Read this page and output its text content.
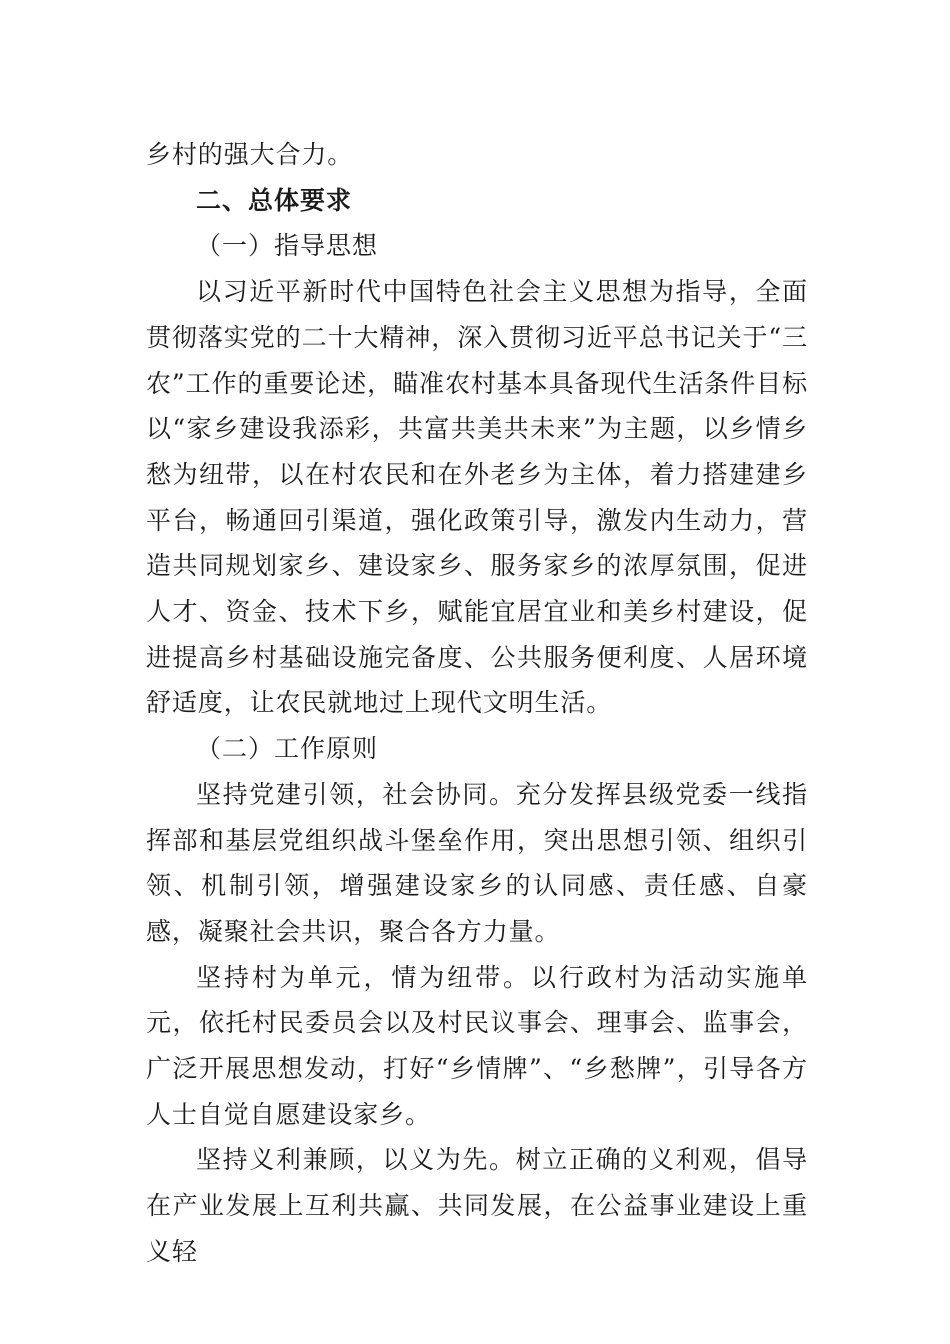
乡村的强大合力。

二、总体要求

（一）指导思想

以习近平新时代中国特色社会主义思想为指导，全面贯彻落实党的二十大精神，深入贯彻习近平总书记关于“三农”工作的重要论述，瞄准农村基本具备现代生活条件目标以“家乡建设我添彩，共富共美共未来”为主题，以乡情乡愁为纽带，以在村农民和在外老乡为主体，着力搭建建乡平台，畅通回引渠道，强化政策引导，激发内生动力，营造共同规划家乡、建设家乡、服务家乡的浓厚氛围，促进人才、资金、技术下乡，赋能宜居宜业和美乡村建设，促进提高乡村基础设施完备度、公共服务便利度、人居环境舒适度，让农民就地过上现代文明生活。

（二）工作原则

坚持党建引领，社会协同。充分发挥县级党委一线指挥部和基层党组织战斗堡垒作用，突出思想引领、组织引领、机制引领，增强建设家乡的认同感、责任感、自豪感，凝聚社会共识，聚合各方力量。

坚持村为单元，情为纽带。以行政村为活动实施单元，依托村民委员会以及村民议事会、理事会、监事会，广泛开展思想发动，打好“乡情牌”、“乡愁牌”，引导各方人士自觉自愿建设家乡。

坚持义利兼顾，以义为先。树立正确的义利观，倡导在产业发展上互利共赢、共同发展，在公益事业建设上重义轻
